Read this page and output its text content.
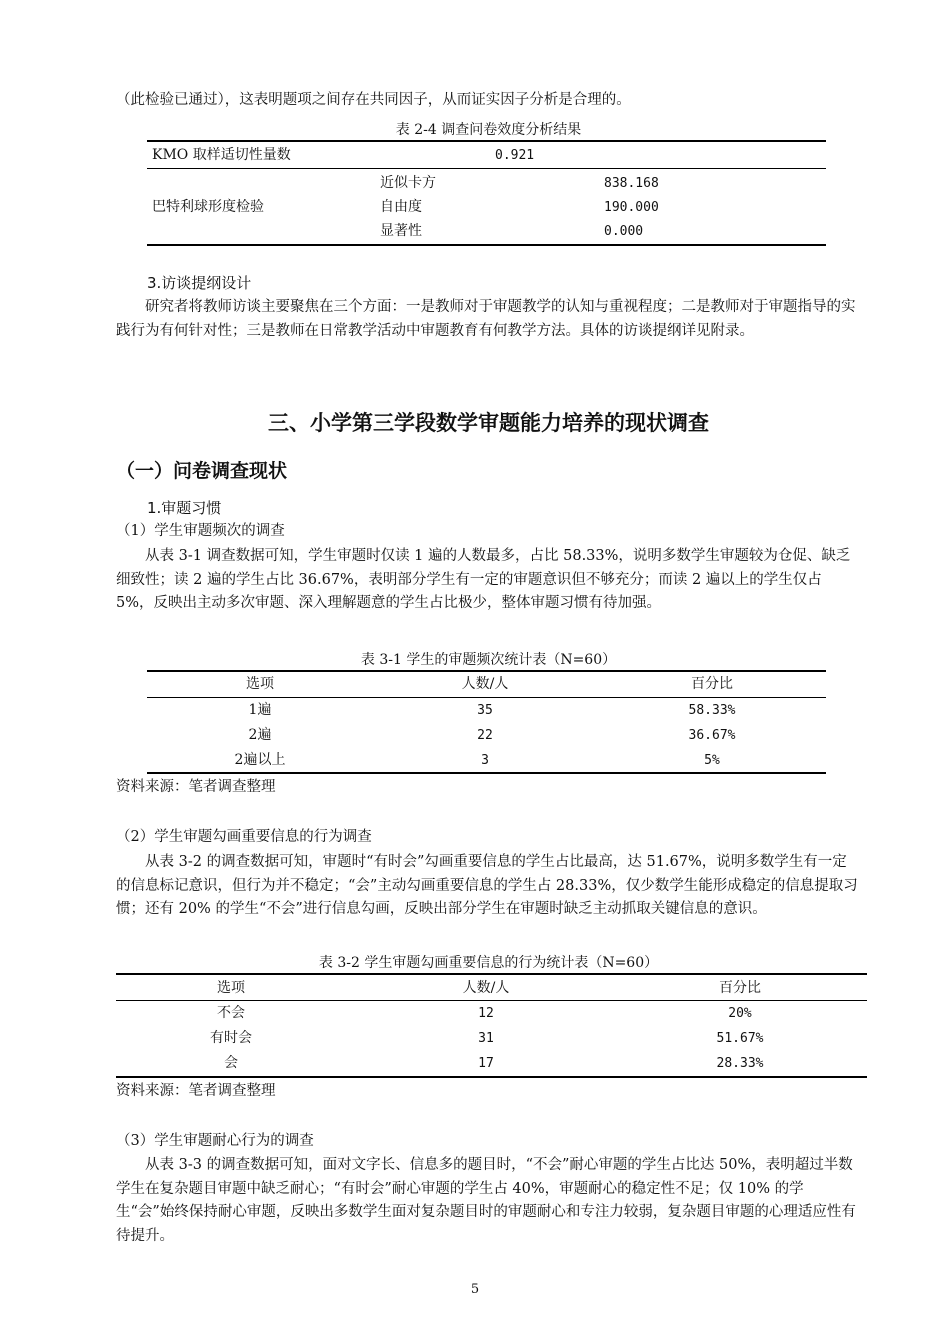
（此检验已通过），这表明题项之间存在共同因子，从而证实因子分析是合理的。
表 2-4 调查问卷效度分析结果
KMO 取样适切性量数	0.921
巴特利球形度检验
近似卡方	838.168
自由度	190.000
显著性	0.000
3.访谈提纲设计
研究者将教师访谈主要聚焦在三个方面：一是教师对于审题教学的认知与重视程度；二是教师对于审题指导的实践行为有何针对性；三是教师在日常教学活动中审题教育有何教学方法。具体的访谈提纲详见附录。
三、小学第三学段数学审题能力培养的现状调查
（一）问卷调查现状
1.审题习惯
（1）学生审题频次的调查
从表 3-1 调查数据可知，学生审题时仅读 1 遍的人数最多，占比 58.33%，说明多数学生审题较为仓促、缺乏细致性；读 2 遍的学生占比 36.67%，表明部分学生有一定的审题意识但不够充分；而读 2 遍以上的学生仅占 5%，反映出主动多次审题、深入理解题意的学生占比极少，整体审题习惯有待加强。
表 3-1 学生的审题频次统计表（N=60）
选项	人数/人	百分比
1遍	35	58.33%
2遍	22	36.67%
2遍以上	3	5%
资料来源：笔者调查整理
（2）学生审题勾画重要信息的行为调查
从表 3-2 的调查数据可知，审题时“有时会”勾画重要信息的学生占比最高，达 51.67%，说明多数学生有一定的信息标记意识，但行为并不稳定；“会”主动勾画重要信息的学生占 28.33%，仅少数学生能形成稳定的信息提取习惯；还有 20% 的学生“不会”进行信息勾画，反映出部分学生在审题时缺乏主动抓取关键信息的意识。
表 3-2 学生审题勾画重要信息的行为统计表（N=60）
选项	人数/人	百分比
不会	12	20%
有时会	31	51.67%
会	17	28.33%
资料来源：笔者调查整理
（3）学生审题耐心行为的调查
从表 3-3 的调查数据可知，面对文字长、信息多的题目时，“不会”耐心审题的学生占比达 50%，表明超过半数学生在复杂题目审题中缺乏耐心；“有时会”耐心审题的学生占 40%，审题耐心的稳定性不足；仅 10% 的学生“会”始终保持耐心审题，反映出多数学生面对复杂题目时的审题耐心和专注力较弱，复杂题目审题的心理适应性有待提升。
5
